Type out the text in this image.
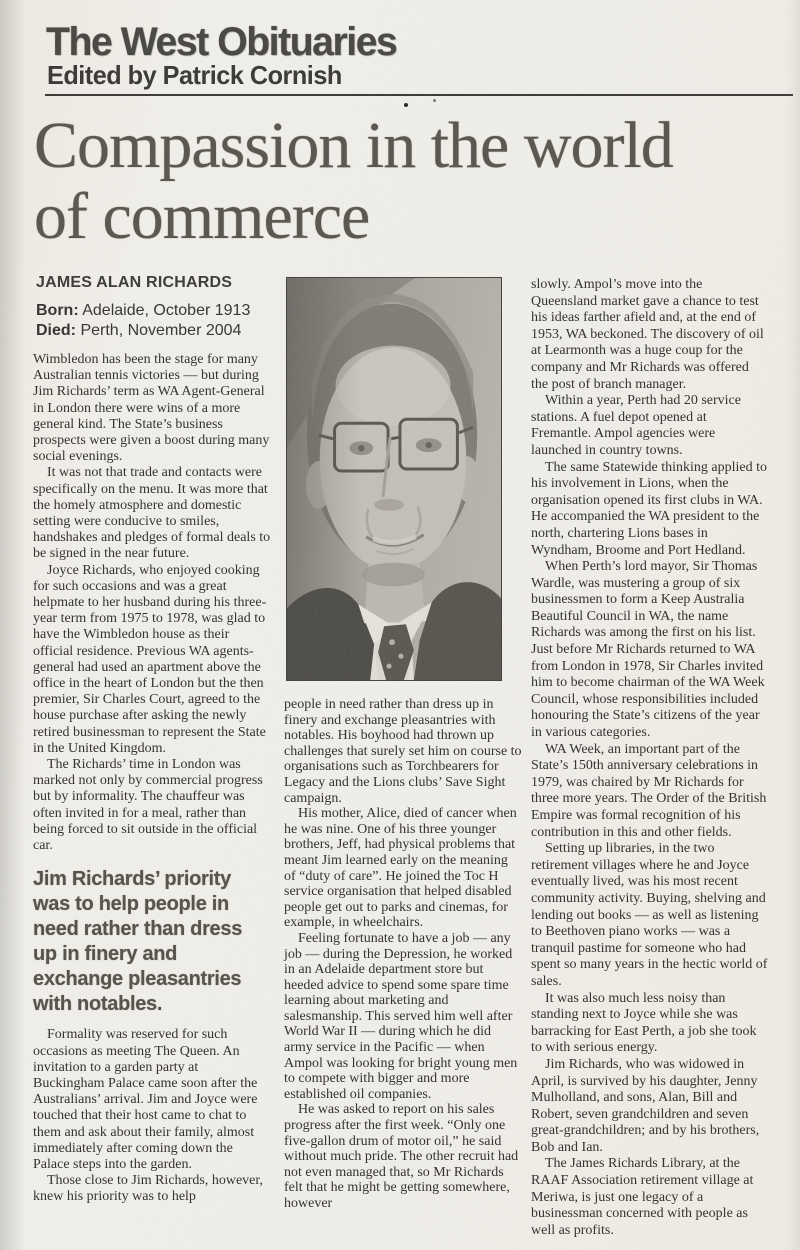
The West Obituaries
Edited by Patrick Cornish
Compassion in the world of commerce
JAMES ALAN RICHARDS
Born: Adelaide, October 1913
Died: Perth, November 2004

Wimbledon has been the stage for many Australian tennis victories — but during Jim Richards’ term as WA Agent-General in London there were wins of a more general kind. The State’s business prospects were given a boost during many social evenings.

It was not that trade and contacts were specifically on the menu. It was more that the homely atmosphere and domestic setting were conducive to smiles, handshakes and pledges of formal deals to be signed in the near future.

Joyce Richards, who enjoyed cooking for such occasions and was a great helpmate to her husband during his three-year term from 1975 to 1978, was glad to have the Wimbledon house as their official residence. Previous WA agents-general had used an apartment above the office in the heart of London but the then premier, Sir Charles Court, agreed to the house purchase after asking the newly retired businessman to represent the State in the United Kingdom.

The Richards’ time in London was marked not only by commercial progress but by informality. The chauffeur was often invited in for a meal, rather than being forced to sit outside in the official car.

Jim Richards’ priority was to help people in need rather than dress up in finery and exchange pleasantries with notables.

Formality was reserved for such occasions as meeting The Queen. An invitation to a garden party at Buckingham Palace came soon after the Australians’ arrival. Jim and Joyce were touched that their host came to chat to them and ask about their family, almost immediately after coming down the Palace steps into the garden.

Those close to Jim Richards, however, knew his priority was to help

people in need rather than dress up in finery and exchange pleasantries with notables. His boyhood had thrown up challenges that surely set him on course to organisations such as Torchbearers for Legacy and the Lions clubs’ Save Sight campaign.

His mother, Alice, died of cancer when he was nine. One of his three younger brothers, Jeff, had physical problems that meant Jim learned early on the meaning of “duty of care”. He joined the Toc H service organisation that helped disabled people get out to parks and cinemas, for example, in wheelchairs.

Feeling fortunate to have a job — any job — during the Depression, he worked in an Adelaide department store but heeded advice to spend some spare time learning about marketing and salesmanship. This served him well after World War II — during which he did army service in the Pacific — when Ampol was looking for bright young men to compete with bigger and more established oil companies.

He was asked to report on his sales progress after the first week. “Only one five-gallon drum of motor oil,” he said without much pride. The other recruit had not even managed that, so Mr Richards felt that he might be getting somewhere, however

slowly. Ampol’s move into the Queensland market gave a chance to test his ideas farther afield and, at the end of 1953, WA beckoned. The discovery of oil at Learmonth was a huge coup for the company and Mr Richards was offered the post of branch manager.

Within a year, Perth had 20 service stations. A fuel depot opened at Fremantle. Ampol agencies were launched in country towns.

The same Statewide thinking applied to his involvement in Lions, when the organisation opened its first clubs in WA. He accompanied the WA president to the north, chartering Lions bases in Wyndham, Broome and Port Hedland.

When Perth’s lord mayor, Sir Thomas Wardle, was mustering a group of six businessmen to form a Keep Australia Beautiful Council in WA, the name Richards was among the first on his list. Just before Mr Richards returned to WA from London in 1978, Sir Charles invited him to become chairman of the WA Week Council, whose responsibilities included honouring the State’s citizens of the year in various categories.

WA Week, an important part of the State’s 150th anniversary celebrations in 1979, was chaired by Mr Richards for three more years. The Order of the British Empire was formal recognition of his contribution in this and other fields.

Setting up libraries, in the two retirement villages where he and Joyce eventually lived, was his most recent community activity. Buying, shelving and lending out books — as well as listening to Beethoven piano works — was a tranquil pastime for someone who had spent so many years in the hectic world of sales.

It was also much less noisy than standing next to Joyce while she was barracking for East Perth, a job she took to with serious energy.

Jim Richards, who was widowed in April, is survived by his daughter, Jenny Mulholland, and sons, Alan, Bill and Robert, seven grandchildren and seven great-grandchildren; and by his brothers, Bob and Ian.

The James Richards Library, at the RAAF Association retirement village at Meriwa, is just one legacy of a businessman concerned with people as well as profits.
